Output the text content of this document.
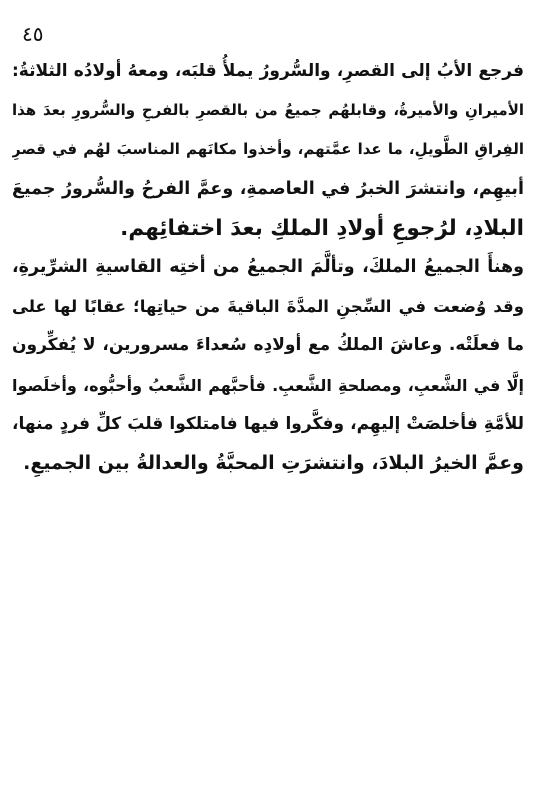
٤٥
فرجع الأبُ إلى القصرِ، والسُّرورُ يملأُ قلبَه، ومعهُ أولادُه الثلاثةُ:
الأميرانِ والأميرةُ، وقابلهُم جميعُ من بالقصرِ بالفرحِ والسُّرورِ بعدَ هذا
الفِراقِ الطَّويلِ، ما عدا عمَّتهم، وأخذوا مكانَهم المناسبَ لهُم في قصرِ
أبيهِم، وانتشرَ الخبرُ في العاصمةِ، وعمَّ الفرحُ والسُّرورُ جميعَ
البلادِ، لرُجوعِ أولادِ الملكِ بعدَ اختفائِهم.
وهنأَ الجميعُ الملكَ، وتألَّمَ الجميعُ من أختِه القاسيةِ الشرِّيرةِ،
وقد وُضعت في السِّجنِ المدَّةَ الباقيةَ من حياتِها؛ عقابًا لها على
ما فعلَتْه. وعاشَ الملكُ مع أولادِه سُعداءَ مسرورين، لا يُفكِّرون
إلَّا في الشَّعبِ، ومصلحةِ الشَّعبِ. فأحبَّهم الشَّعبُ وأحبُّوه، وأخلَصوا
للأمَّةِ فأخلصَتْ إليهِم، وفكَّروا فيها فامتلكوا قلبَ كلِّ فردٍ منها،
وعمَّ الخيرُ البلادَ، وانتشرَتِ المحبَّةُ والعدالةُ بين الجميعِ.
